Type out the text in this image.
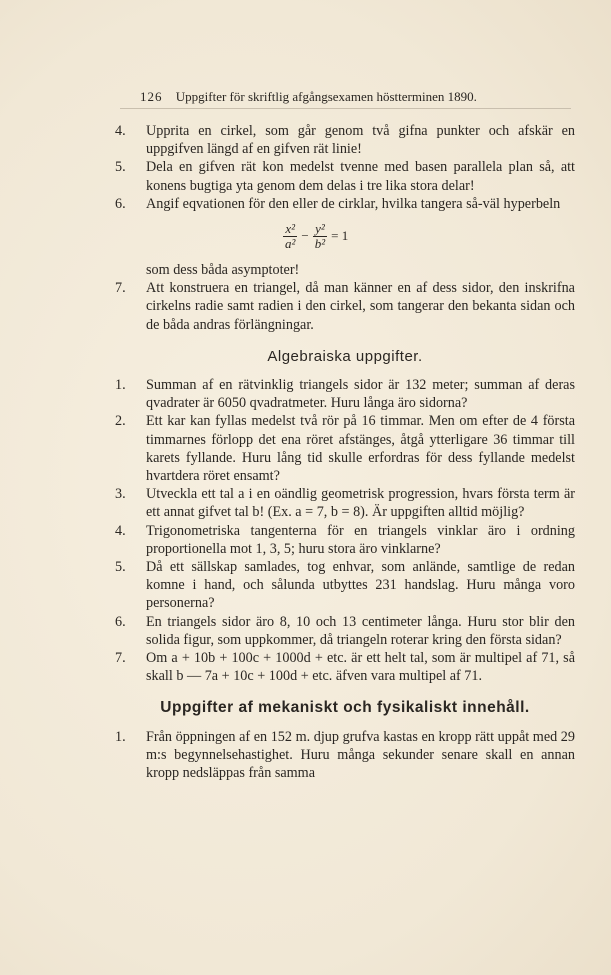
126 Uppgifter för skriftlig afgångsexamen höstterminen 1890.
4.	Upprita en cirkel, som går genom två gifna punkter och afskär en uppgifven längd af en gifven rät linie!
5.	Dela en gifven rät kon medelst tvenne med basen parallela plan så, att konens bugtiga yta genom dem delas i tre lika stora delar!
6.	Angif eqvationen för den eller de cirklar, hvilka tangera så-väl hyperbeln
$\frac{\text{x²}}{\text{a²}} - \frac{\text{y²}}{\text{b²}} = 1$

som dess båda asymptoter!

7.	Att konstruera en triangel, då man känner en af dess sidor, den inskrifna cirkelns radie samt radien i den cirkel, som tangerar den bekanta sidan och de båda andras förlängningar.
Algebraiska uppgifter.
1.	Summan af en rätvinklig triangels sidor är 132 meter; summan af deras qvadrater är 6050 qvadratmeter. Huru långa äro sidorna?
2.	Ett kar kan fyllas medelst två rör på 16 timmar. Men om efter de 4 första timmarnes förlopp det ena röret afstänges, åtgå ytterligare 36 timmar till karets fyllande. Huru lång tid skulle erfordras för dess fyllande medelst hvartdera röret ensamt?
3.	Utveckla ett tal a i en oändlig geometrisk progression, hvars första term är ett annat gifvet tal b! (Ex. a = 7, b = 8). Är uppgiften alltid möjlig?
4.	Trigonometriska tangenterna för en triangels vinklar äro i ordning proportionella mot 1, 3, 5; huru stora äro vinklarne?
5.	Då ett sällskap samlades, tog enhvar, som anlände, samtlige de redan komne i hand, och sålunda utbyttes 231 handslag. Huru många voro personerna?
6.	En triangels sidor äro 8, 10 och 13 centimeter långa. Huru stor blir den solida figur, som uppkommer, då triangeln roterar kring den första sidan?
7.	Om a + 10b + 100c + 1000d + etc. är ett helt tal, som är multipel af 71, så skall b — 7a + 10c + 100d + etc. äfven vara multipel af 71.
Uppgifter af mekaniskt och fysikaliskt innehåll.
1.	Från öppningen af en 152 m. djup grufva kastas en kropp rätt uppåt med 29 m:s begynnelsehastighet. Huru många sekunder senare skall en annan kropp nedsläppas från samma
